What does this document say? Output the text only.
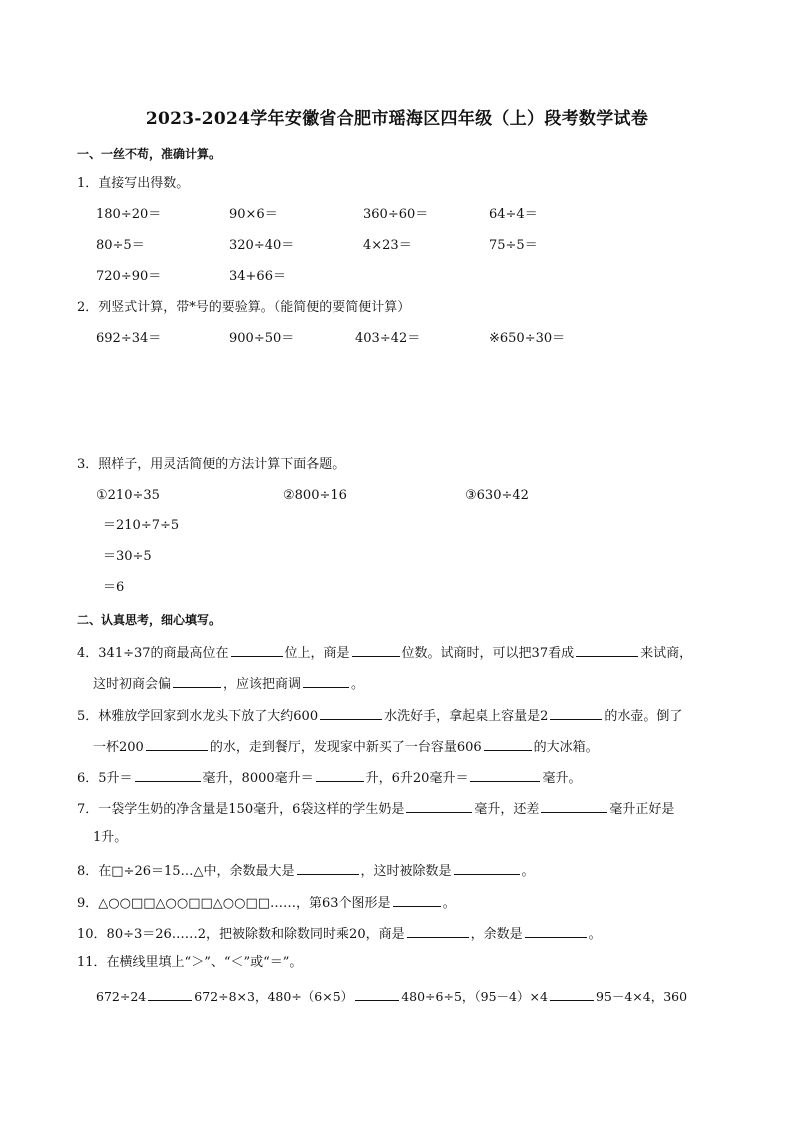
2023-2024学年安徽省合肥市瑶海区四年级（上）段考数学试卷
一、一丝不苟，准确计算。
1．直接写出得数。
180÷20＝	90×6＝	360÷60＝	64÷4＝
80÷5＝	320÷40＝	4×23＝	75÷5＝
720÷90＝	34+66＝
2．列竖式计算，带*号的要验算。（能简便的要简便计算）
692÷34＝	900÷50＝	403÷42＝	※650÷30＝
3．照样子，用灵活简便的方法计算下面各题。
①210÷35	②800÷16	③630÷42
＝210÷7÷5
＝30÷5
＝6
二、认真思考，细心填写。
4．341÷37的商最高位在	位上，商是	位数。试商时，可以把37看成	来试商，
这时初商会偏	，应该把商调	。
5．林雅放学回家到水龙头下放了大约600	水洗好手，拿起桌上容量是2	的水壶。倒了
一杯200	的水，走到餐厅，发现家中新买了一台容量606	的大冰箱。
6．5升＝	毫升，8000毫升＝	升，6升20毫升＝	毫升。
7．一袋学生奶的净含量是150毫升，6袋这样的学生奶是	毫升，还差	毫升正好是
1升。
8．在□÷26＝15…△中，余数最大是	，这时被除数是	。
9．△○○□□△○○□□△○○□□……，第63个图形是	。
10．80÷3＝26……2，把被除数和除数同时乘20，商是	，余数是	。
11．在横线里填上“＞”、“＜”或“＝”。
672÷24	672÷8×3，480÷（6×5）	480÷6÷5，（95－4）×4	95－4×4，360
